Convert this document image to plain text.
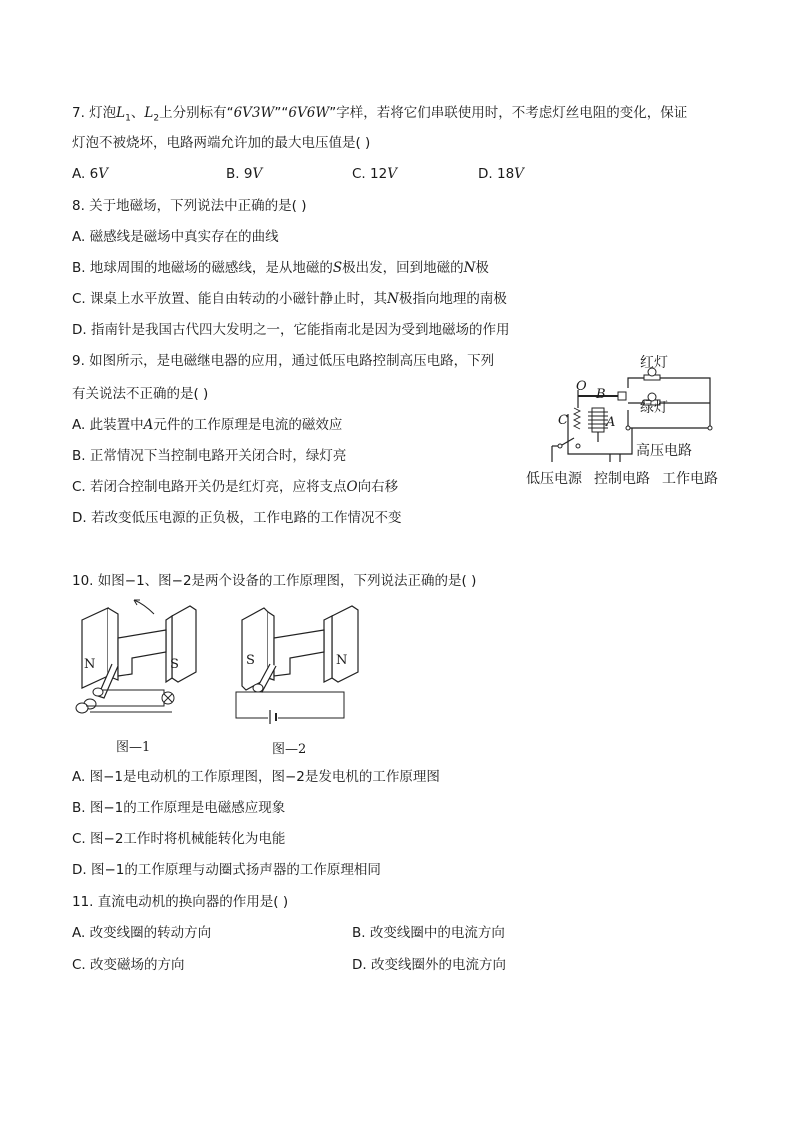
7. 灯泡$L_1$、$L_2$上分别标有“6V3W”“6V6W”字样，若将它们串联使用时，不考虑灯丝电阻的变化，保证
灯泡不被烧坏，电路两端允许加的最大电压值是( )
A. 6V	B. 9V	C. 12V	D. 18V
8. 关于地磁场，下列说法中正确的是( )
A. 磁感线是磁场中真实存在的曲线
B. 地球周围的地磁场的磁感线，是从地磁的S极出发，回到地磁的N极
C. 课桌上水平放置、能自由转动的小磁针静止时，其N极指向地理的南极
D. 指南针是我国古代四大发明之一，它能指南北是因为受到地磁场的作用
9. 如图所示，是电磁继电器的应用，通过低压电路控制高压电路，下列
有关说法不正确的是( )
A. 此装置中A元件的工作原理是电流的磁效应
B. 正常情况下当控制电路开关闭合时，绿灯亮
C. 若闭合控制电路开关仍是红灯亮，应将支点O向右移
D. 若改变低压电源的正负极，工作电路的工作情况不变
红灯
绿灯
高压电路
低压电源 控制电路 工作电路
O
B
C	A
10. 如图−1、图−2是两个设备的工作原理图，下列说法正确的是( )
N	S
图—1
S	N
图—2
A. 图−1是电动机的工作原理图，图−2是发电机的工作原理图
B. 图−1的工作原理是电磁感应现象
C. 图−2工作时将机械能转化为电能
D. 图−1的工作原理与动圈式扬声器的工作原理相同
11. 直流电动机的换向器的作用是( )
A. 改变线圈的转动方向	B. 改变线圈中的电流方向
C. 改变磁场的方向	D. 改变线圈外的电流方向
